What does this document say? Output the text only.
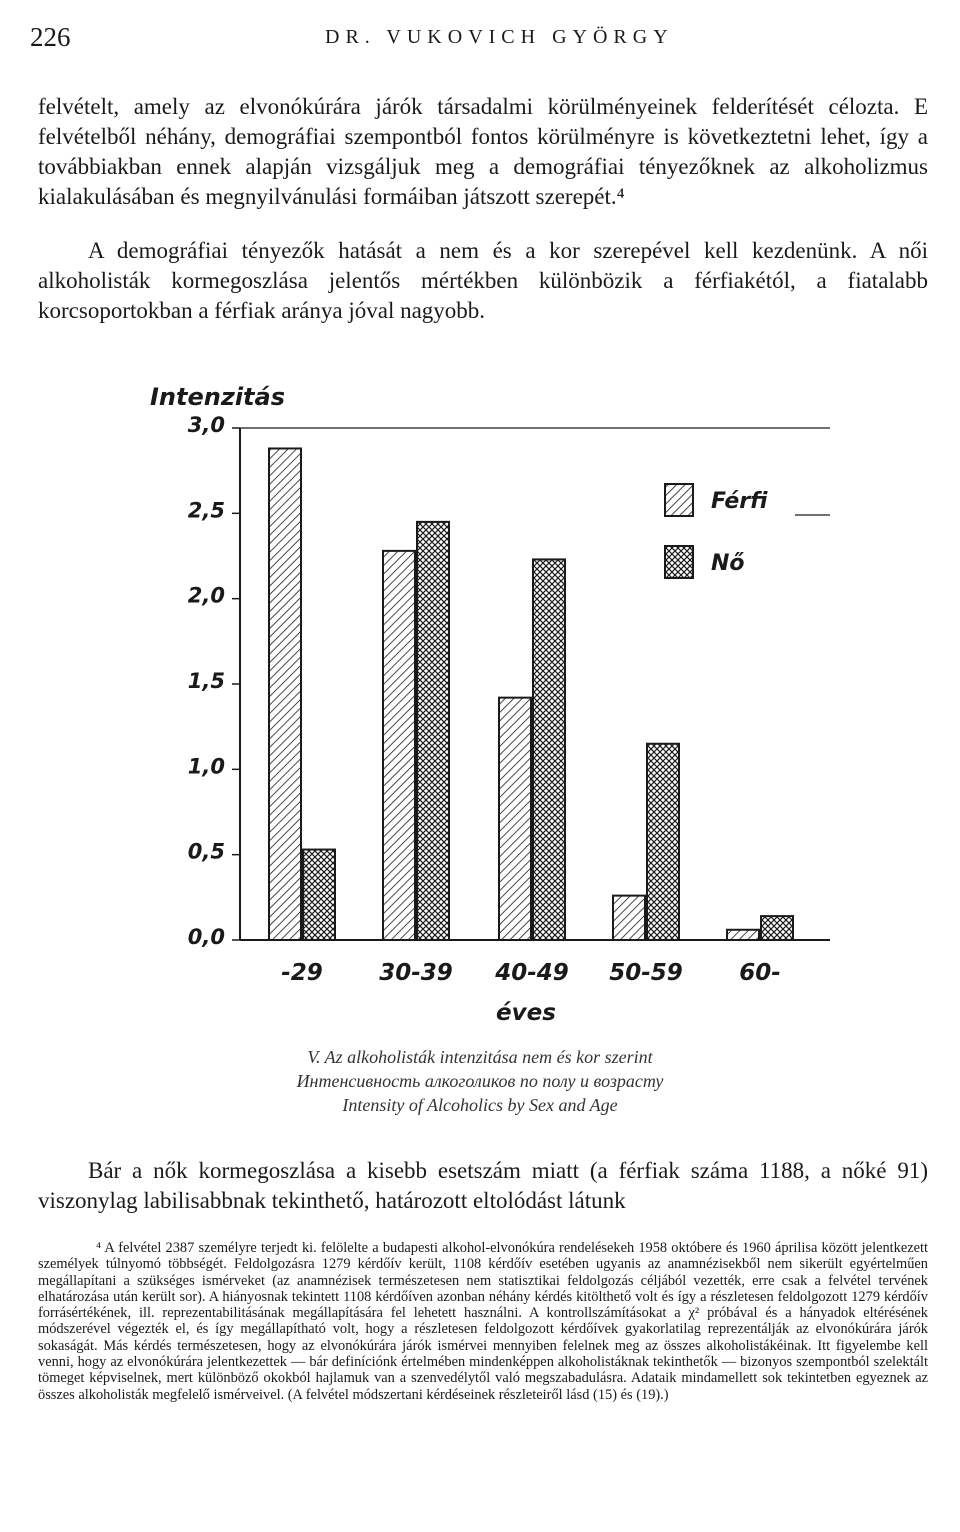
226	DR. VUKOVICH GYÖRGY
felvételt, amely az elvonókúrára járók társadalmi körülményeinek felderítését célozta. E felvételből néhány, demográfiai szempontból fontos körülményre is következtetni lehet, így a továbbiakban ennek alapján vizsgáljuk meg a demográfiai tényezőknek az alkoholizmus kialakulásában és megnyilvánulási formáiban játszott szerepét.⁴
A demográfiai tényezők hatását a nem és a kor szerepével kell kezdenünk. A női alkoholisták kormegoszlása jelentős mértékben különbözik a férfiakétól, a fiatalabb korcsoportokban a férfiak aránya jóval nagyobb.
0,0
0,5
1,0
1,5
2,0
2,5
3,0
Intenzitás
-29 30-39 40-49 50-59 60-
éves
Férfi
Nő
V. Az alkoholisták intenzitása nem és kor szerint
Интенсивность алкоголиков по полу и возрасту
Intensity of Alcoholics by Sex and Age
Bár a nők kormegoszlása a kisebb esetszám miatt (a férfiak száma 1188, a nőké 91) viszonylag labilisabbnak tekinthető, határozott eltolódást látunk
⁴ A felvétel 2387 személyre terjedt ki. felölelte a budapesti alkohol-elvonókúra rendelésekeh 1958 októbere és 1960 áprilisa között jelentkezett személyek túlnyomó többségét. Feldolgozásra 1279 kérdőív került, 1108 kérdőív esetében ugyanis az anamnézisekből nem sikerült egyértelműen megállapítani a szükséges ismérveket (az anamnézisek természetesen nem statisztikai feldolgozás céljából vezették, erre csak a felvétel tervének elhatározása után került sor). A hiányosnak tekintett 1108 kérdőíven azonban néhány kérdés kitölthető volt és így a részletesen feldolgozott 1279 kérdőív forrásértékének, ill. reprezentabilitásának megállapítására fel lehetett használni. A kontrollszámításokat a χ² próbával és a hányadok eltérésének módszerével végezték el, és így megállapítható volt, hogy a részletesen feldolgozott kérdőívek gyakorlatilag reprezentálják az elvonókúrára járók sokaságát. Más kérdés természetesen, hogy az elvonókúrára járók ismérvei mennyiben felelnek meg az összes alkoholistákéinak. Itt figyelembe kell venni, hogy az elvonókúrára jelentkezettek — bár definíciónk értelmében mindenképpen alkoholistáknak tekinthetők — bizonyos szempontból szelektált tömeget képviselnek, mert különböző okokból hajlamuk van a szenvedélytől való megszabadulásra. Adataik mindamellett sok tekintetben egyeznek az összes alkoholisták megfelelő ismérveivel. (A felvétel módszertani kérdéseinek részleteiről lásd (15) és (19).)
